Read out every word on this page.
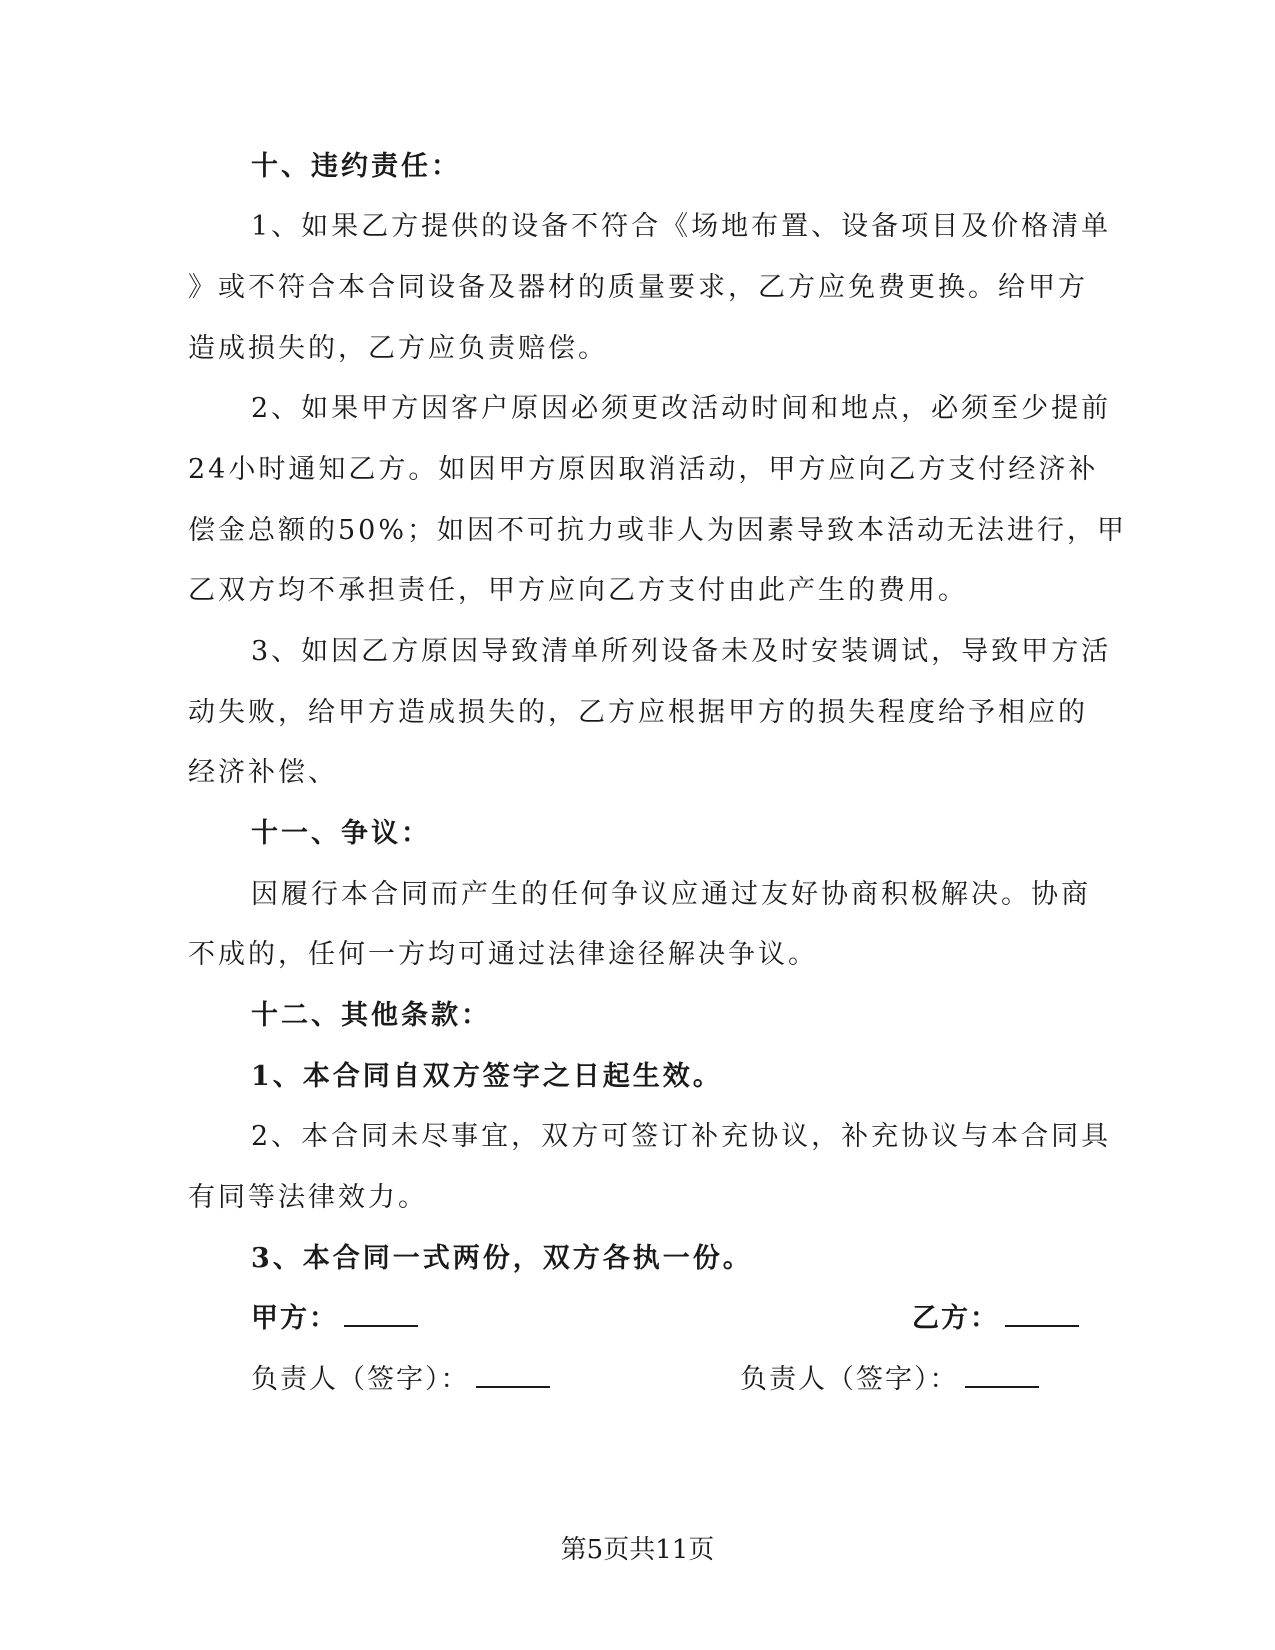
十、违约责任：
1、如果乙方提供的设备不符合《场地布置、设备项目及价格清单
》或不符合本合同设备及器材的质量要求，乙方应免费更换。给甲方
造成损失的，乙方应负责赔偿。
2、如果甲方因客户原因必须更改活动时间和地点，必须至少提前
24小时通知乙方。如因甲方原因取消活动，甲方应向乙方支付经济补
偿金总额的50%；如因不可抗力或非人为因素导致本活动无法进行，甲
乙双方均不承担责任，甲方应向乙方支付由此产生的费用。
3、如因乙方原因导致清单所列设备未及时安装调试，导致甲方活
动失败，给甲方造成损失的，乙方应根据甲方的损失程度给予相应的
经济补偿、
十一、争议：
因履行本合同而产生的任何争议应通过友好协商积极解决。协商
不成的，任何一方均可通过法律途径解决争议。
十二、其他条款：
1、本合同自双方签字之日起生效。
2、本合同未尽事宜，双方可签订补充协议，补充协议与本合同具
有同等法律效力。
3、本合同一式两份，双方各执一份。
甲方：	乙方：
负责人（签字）：	负责人（签字）：
第5页共11页
